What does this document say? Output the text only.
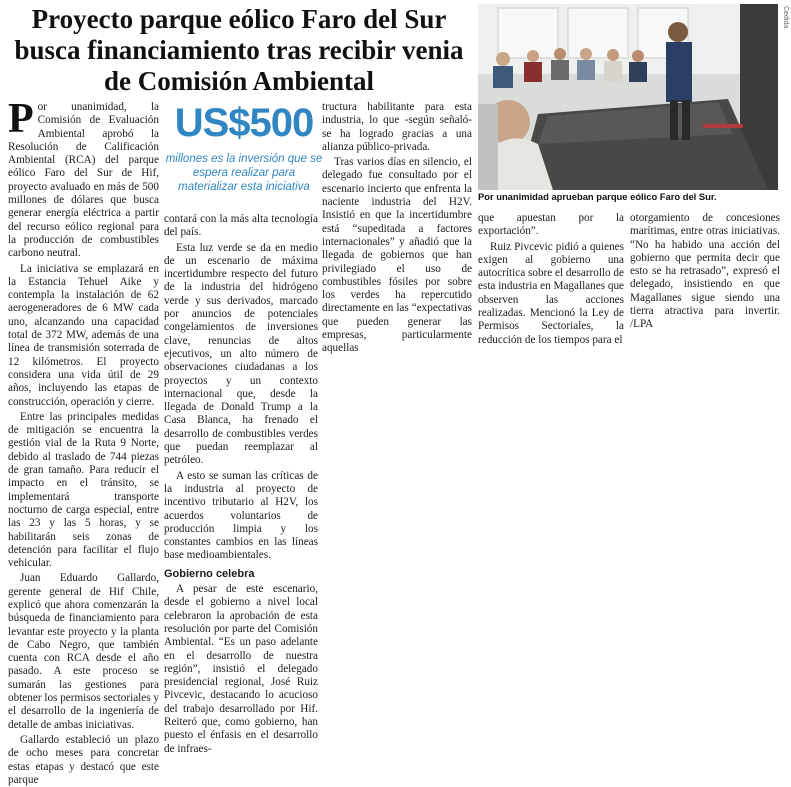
Proyecto parque eólico Faro del Sur busca financiamiento tras recibir venia de Comisión Ambiental

Por unanimidad, la Comisión de Evaluación Ambiental aprobó la Resolución de Calificación Ambiental (RCA) del parque eólico Faro del Sur de Hif, proyecto avaluado en más de 500 millones de dólares que busca generar energía eléctrica a partir del recurso eólico regional para la producción de combustibles carbono neutral.

La iniciativa se emplazará en la Estancia Tehuel Aike y contempla la instalación de 62 aerogeneradores de 6 MW cada uno, alcanzando una capacidad total de 372 MW, además de una línea de transmisión soterrada de 12 kilómetros. El proyecto considera una vida útil de 29 años, incluyendo las etapas de construcción, operación y cierre.

Entre las principales medidas de mitigación se encuentra la gestión vial de la Ruta 9 Norte, debido al traslado de 744 piezas de gran tamaño. Para reducir el impacto en el tránsito, se implementará transporte nocturno de carga especial, entre las 23 y las 5 horas, y se habilitarán seis zonas de detención para facilitar el flujo vehicular.

Juan Eduardo Gallardo, gerente general de Hif Chile, explicó que ahora comenzarán la búsqueda de financiamiento para levantar este proyecto y la planta de Cabo Negro, que también cuenta con RCA desde el año pasado. A este proceso se sumarán las gestiones para obtener los permisos sectoriales y el desarrollo de la ingeniería de detalle de ambas iniciativas.

Gallardo estableció un plazo de ocho meses para concretar estas etapas y destacó que este parque

US$500
millones es la inversión que se espera realizar para materializar esta iniciativa

contará con la más alta tecnología del país.

Esta luz verde se da en medio de un escenario de máxima incertidumbre respecto del futuro de la industria del hidrógeno verde y sus derivados, marcado por anuncios de potenciales congelamientos de inversiones clave, renuncias de altos ejecutivos, un alto número de observaciones ciudadanas a los proyectos y un contexto internacional que, desde la llegada de Donald Trump a la Casa Blanca, ha frenado el desarrollo de combustibles verdes que puedan reemplazar al petróleo.

A esto se suman las críticas de la industria al proyecto de incentivo tributario al H2V, los acuerdos voluntarios de producción limpia y los constantes cambios en las líneas base medioambientales.

Gobierno celebra

A pesar de este escenario, desde el gobierno a nivel local celebraron la aprobación de esta resolución por parte del Comisión Ambiental. “Es un paso adelante en el desarrollo de nuestra región”, insistió el delegado presidencial regional, José Ruiz Pivcevic, destacando lo acucioso del trabajo desarrollado por Hif. Reiteró que, como gobierno, han puesto el énfasis en el desarrollo de infraes-

tructura habilitante para esta industria, lo que -según señaló- se ha logrado gracias a una alianza público-privada.

Tras varios días en silencio, el delegado fue consultado por el escenario incierto que enfrenta la naciente industria del H2V. Insistió en que la incertidumbre está “supeditada a factores internacionales” y añadió que la llegada de gobiernos que han privilegiado el uso de combustibles fósiles por sobre los verdes ha repercutido directamente en las “expectativas que pueden generar las empresas, particularmente aquellas

Cedida
Por unanimidad aprueban parque eólico Faro del Sur.

que apuestan por la exportación”.

Ruiz Pivcevic pidió a quienes exigen al gobierno una autocrítica sobre el desarrollo de esta industria en Magallanes que observen las acciones realizadas. Mencionó la Ley de Permisos Sectoriales, la reducción de los tiempos para el

otorgamiento de concesiones marítimas, entre otras iniciativas. “No ha habido una acción del gobierno que permita decir que esto se ha retrasado”, expresó el delegado, insistiendo en que Magallanes sigue siendo una tierra atractiva para invertir. /LPA
